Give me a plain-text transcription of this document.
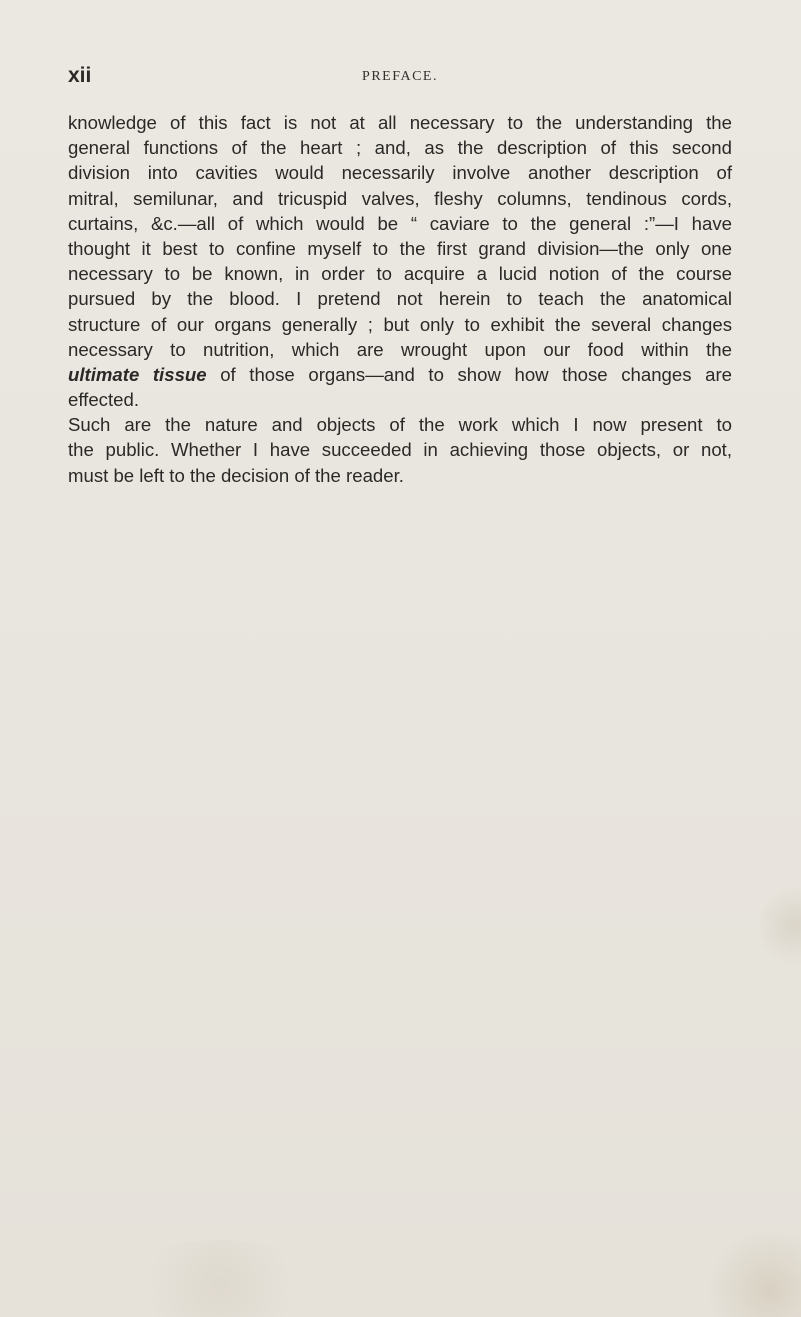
xii	PREFACE.
knowledge of this fact is not at all necessary to the understanding the
general functions of the heart ; and, as the description of this second
division into cavities would necessarily involve another description of
mitral, semilunar, and tricuspid valves, fleshy columns, tendinous cords,
curtains, &c.—all of which would be “ caviare to the general :”—I have
thought it best to confine myself to the first grand division—the only one
necessary to be known, in order to acquire a lucid notion of the course
pursued by the blood. I pretend not herein to teach the anatomical
structure of our organs generally ; but only to exhibit the several changes
necessary to nutrition, which are wrought upon our food within the
ultimate tissue of those organs—and to show how those changes are
effected.
Such are the nature and objects of the work which I now present to
the public. Whether I have succeeded in achieving those objects, or not,
must be left to the decision of the reader.
